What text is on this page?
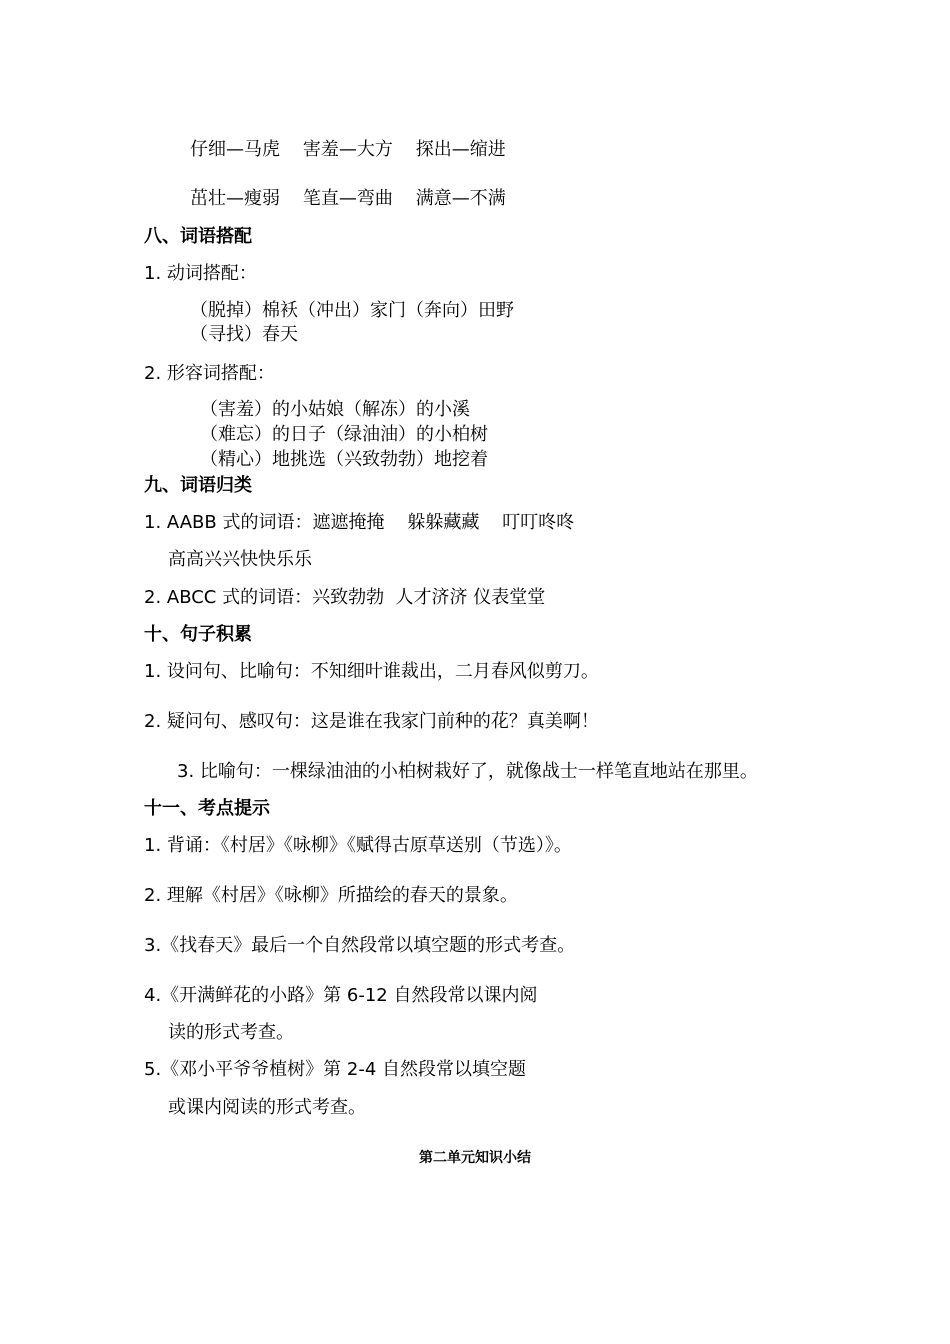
仔细—马虎    害羞—大方    探出—缩进
茁壮—瘦弱    笔直—弯曲    满意—不满
八、词语搭配
1. 动词搭配：
（脱掉）棉袄（冲出）家门（奔向）田野
（寻找）春天
2. 形容词搭配：
（害羞）的小姑娘（解冻）的小溪
（难忘）的日子（绿油油）的小柏树
（精心）地挑选（兴致勃勃）地挖着
九、词语归类
1. AABB 式的词语：遮遮掩掩    躲躲藏藏    叮叮咚咚
高高兴兴快快乐乐
2. ABCC 式的词语：兴致勃勃  人才济济 仪表堂堂
十、句子积累
1. 设问句、比喻句：不知细叶谁裁出，二月春风似剪刀。
2. 疑问句、感叹句：这是谁在我家门前种的花？真美啊！
3. 比喻句：一棵绿油油的小柏树栽好了，就像战士一样笔直地站在那里。
十一、考点提示
1. 背诵：《村居》《咏柳》《赋得古原草送别（节选）》。
2. 理解《村居》《咏柳》所描绘的春天的景象。
3.《找春天》最后一个自然段常以填空题的形式考查。
4.《开满鲜花的小路》第 6-12 自然段常以课内阅
读的形式考查。
5.《邓小平爷爷植树》第 2-4 自然段常以填空题
或课内阅读的形式考查。
第二单元知识小结
